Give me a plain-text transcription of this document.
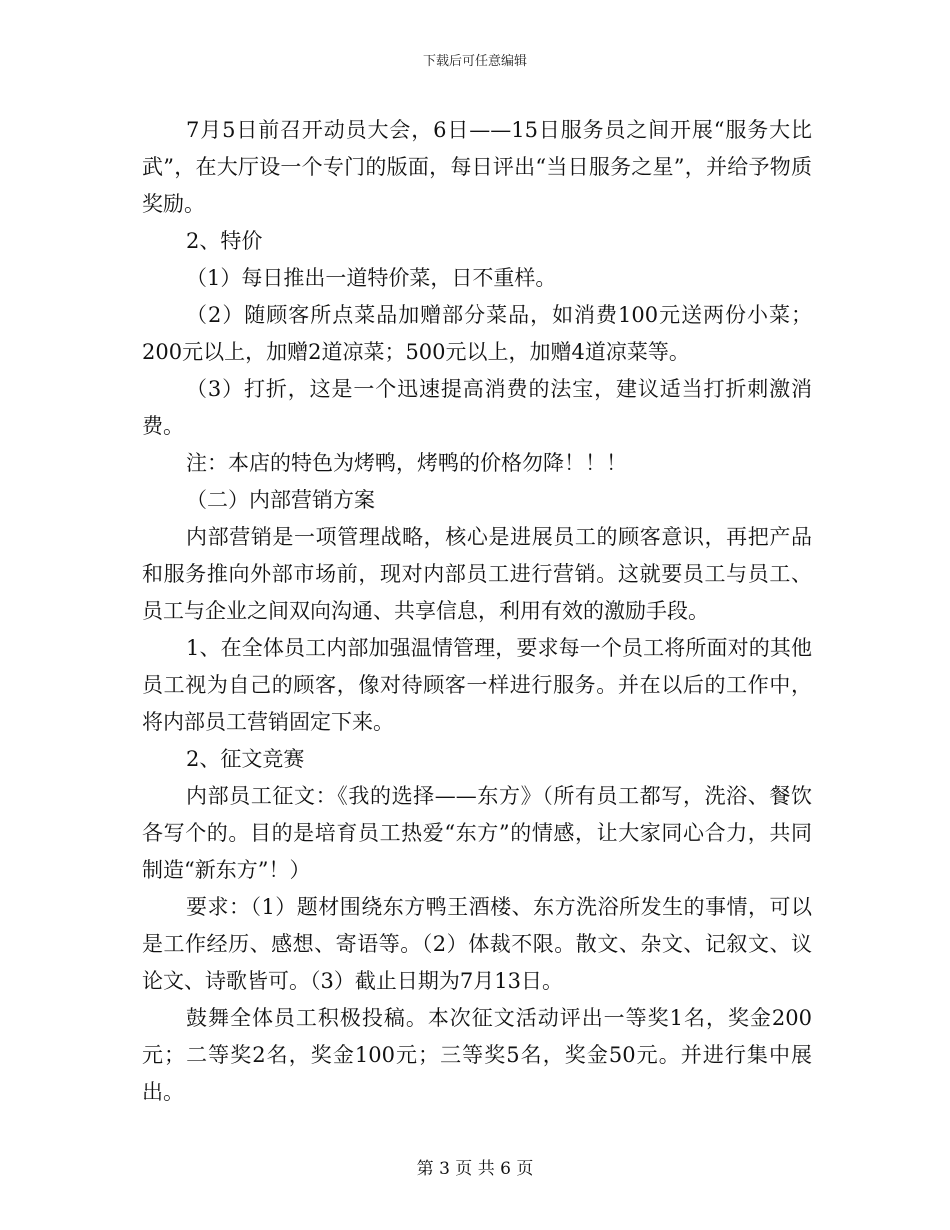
下载后可任意编辑

7月5日前召开动员大会，6日——15日服务员之间开展“服务大比武”，在大厅设一个专门的版面，每日评出“当日服务之星”，并给予物质奖励。

2、特价

（1）每日推出一道特价菜，日不重样。

（2）随顾客所点菜品加赠部分菜品，如消费100元送两份小菜；200元以上，加赠2道凉菜；500元以上，加赠4道凉菜等。

（3）打折，这是一个迅速提高消费的法宝，建议适当打折刺激消费。

注：本店的特色为烤鸭，烤鸭的价格勿降！！！

（二）内部营销方案

内部营销是一项管理战略，核心是进展员工的顾客意识，再把产品和服务推向外部市场前，现对内部员工进行营销。这就要员工与员工、员工与企业之间双向沟通、共享信息，利用有效的激励手段。

1、在全体员工内部加强温情管理，要求每一个员工将所面对的其他员工视为自己的顾客，像对待顾客一样进行服务。并在以后的工作中，将内部员工营销固定下来。

2、征文竞赛

内部员工征文：《我的选择——东方》（所有员工都写，洗浴、餐饮各写个的。目的是培育员工热爱“东方”的情感，让大家同心合力，共同制造“新东方”！）

要求：（1）题材围绕东方鸭王酒楼、东方洗浴所发生的事情，可以是工作经历、感想、寄语等。（2）体裁不限。散文、杂文、记叙文、议论文、诗歌皆可。（3）截止日期为7月13日。

鼓舞全体员工积极投稿。本次征文活动评出一等奖1名，奖金200元；二等奖2名，奖金100元；三等奖5名，奖金50元。并进行集中展出。

第 3 页 共 6 页
